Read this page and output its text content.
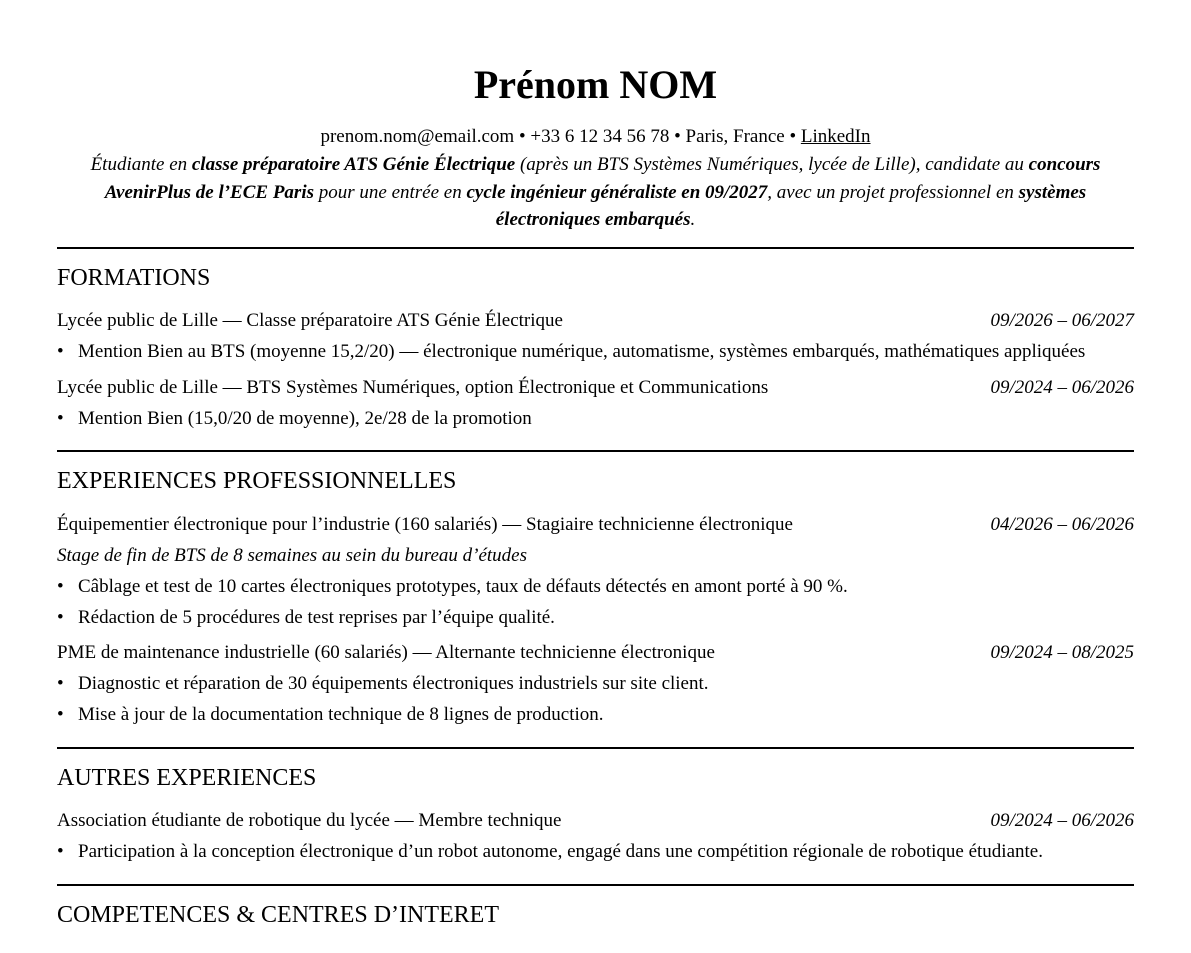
Prénom NOM
prenom.nom@email.com • +33 6 12 34 56 78 • Paris, France • LinkedIn
Étudiante en classe préparatoire ATS Génie Électrique (après un BTS Systèmes Numériques, lycée de Lille), candidate au concours AvenirPlus de l’ECE Paris pour une entrée en cycle ingénieur généraliste en 09/2027, avec un projet professionnel en systèmes électroniques embarqués.
FORMATIONS
Lycée public de Lille — Classe préparatoire ATS Génie Électrique	09/2026 – 06/2027
• Mention Bien au BTS (moyenne 15,2/20) — électronique numérique, automatisme, systèmes embarqués, mathématiques appliquées
Lycée public de Lille — BTS Systèmes Numériques, option Électronique et Communications	09/2024 – 06/2026
• Mention Bien (15,0/20 de moyenne), 2e/28 de la promotion
EXPERIENCES PROFESSIONNELLES
Équipementier électronique pour l’industrie (160 salariés) — Stagiaire technicienne électronique	04/2026 – 06/2026
Stage de fin de BTS de 8 semaines au sein du bureau d’études
• Câblage et test de 10 cartes électroniques prototypes, taux de défauts détectés en amont porté à 90 %.
• Rédaction de 5 procédures de test reprises par l’équipe qualité.
PME de maintenance industrielle (60 salariés) — Alternante technicienne électronique	09/2024 – 08/2025
• Diagnostic et réparation de 30 équipements électroniques industriels sur site client.
• Mise à jour de la documentation technique de 8 lignes de production.
AUTRES EXPERIENCES
Association étudiante de robotique du lycée — Membre technique	09/2024 – 06/2026
• Participation à la conception électronique d’un robot autonome, engagé dans une compétition régionale de robotique étudiante.
COMPETENCES & CENTRES D’INTERET
